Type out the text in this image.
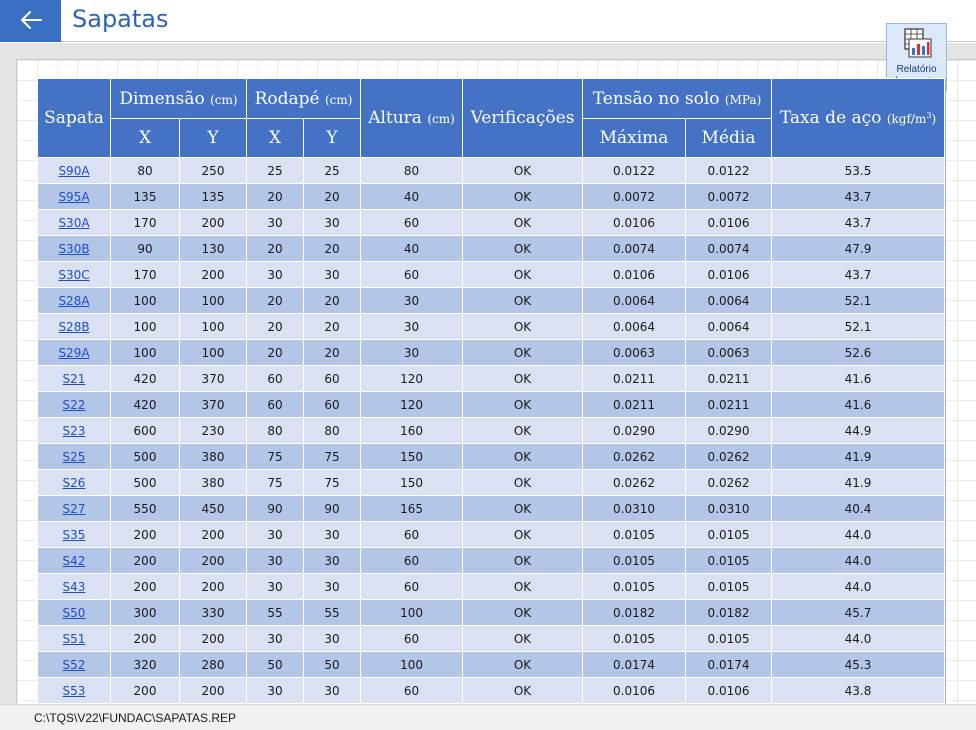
Sapatas
Relatório
Sapata	Dimensão (cm)		Rodapé (cm)		Altura (cm)	Verificações	Tensão no solo (MPa)		Taxa de aço $(kgf/m^3)$
	X	Y	X	Y			Máxima	Média	
S90A	80	250	25	25	80	OK	0.0122	0.0122	53.5
S95A	135	135	20	20	40	OK	0.0072	0.0072	43.7
S30A	170	200	30	30	60	OK	0.0106	0.0106	43.7
S30B	90	130	20	20	40	OK	0.0074	0.0074	47.9
S30C	170	200	30	30	60	OK	0.0106	0.0106	43.7
S28A	100	100	20	20	30	OK	0.0064	0.0064	52.1
S28B	100	100	20	20	30	OK	0.0064	0.0064	52.1
S29A	100	100	20	20	30	OK	0.0063	0.0063	52.6
S21	420	370	60	60	120	OK	0.0211	0.0211	41.6
S22	420	370	60	60	120	OK	0.0211	0.0211	41.6
S23	600	230	80	80	160	OK	0.0290	0.0290	44.9
S25	500	380	75	75	150	OK	0.0262	0.0262	41.9
S26	500	380	75	75	150	OK	0.0262	0.0262	41.9
S27	550	450	90	90	165	OK	0.0310	0.0310	40.4
S35	200	200	30	30	60	OK	0.0105	0.0105	44.0
S42	200	200	30	30	60	OK	0.0105	0.0105	44.0
S43	200	200	30	30	60	OK	0.0105	0.0105	44.0
S50	300	330	55	55	100	OK	0.0182	0.0182	45.7
S51	200	200	30	30	60	OK	0.0105	0.0105	44.0
S52	320	280	50	50	100	OK	0.0174	0.0174	45.3
S53	200	200	30	30	60	OK	0.0106	0.0106	43.8
C:\TQS\V22\FUNDAC\SAPATAS.REP
